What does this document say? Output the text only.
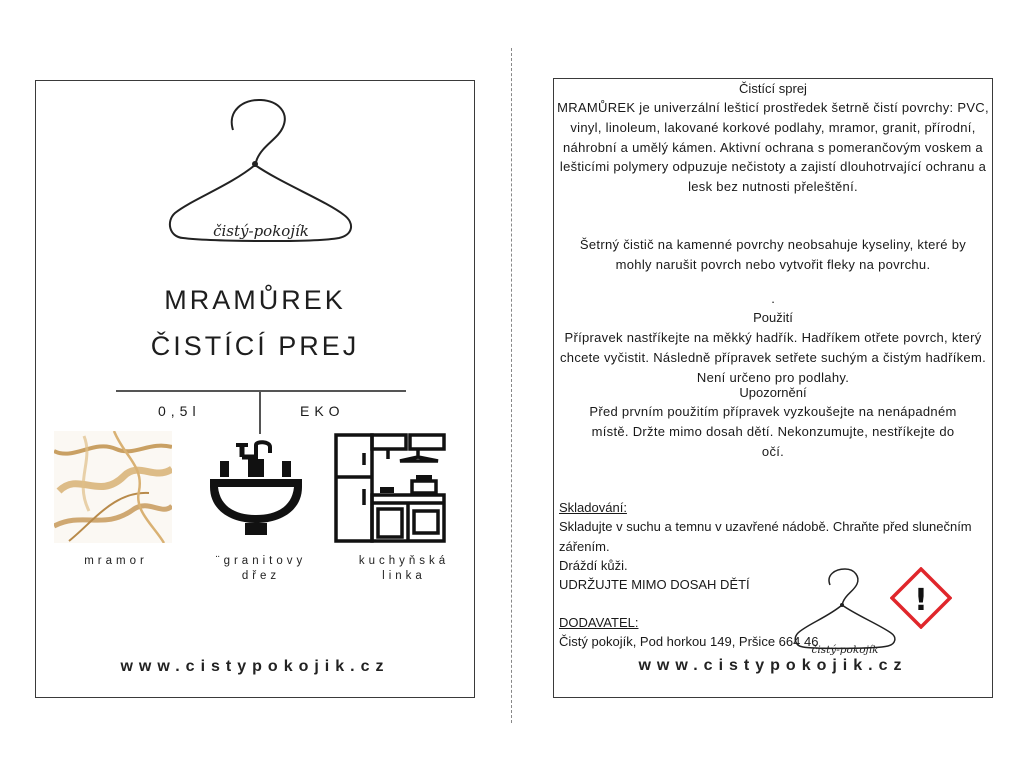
čistý-pokojík
MRAMŮREK
ČISTÍCÍ PREJ
0,5l	EKO
mramor	¨granitovy
dřez
kuchyňská
linka
www.cistypokojik.cz
Čistící sprej
MRAMŮREK je univerzální lešticí prostředek šetrně čistí povrchy: PVC, vinyl, linoleum, lakované korkové podlahy, mramor, granit, přírodní, náhrobní a umělý kámen. Aktivní ochrana s pomerančovým voskem a lešticími polymery odpuzuje nečistoty a zajistí dlouhotrvající ochranu a lesk bez nutnosti přeleštění.
Šetrný čistič na kamenné povrchy neobsahuje kyseliny, které by mohly narušit povrch nebo vytvořit fleky na povrchu.
.
Použití
Přípravek nastříkejte na měkký hadřík. Hadříkem otřete povrch, který chcete vyčistit. Následně přípravek setřete suchým a čistým hadříkem. Není určeno pro podlahy.
Upozornění
Před prvním použitím přípravek vyzkoušejte na nenápadném místě. Držte mimo dosah dětí. Nekonzumujte, nestříkejte do očí.
Skladování:
Skladujte v suchu a temnu v uzavřené nádobě. Chraňte před slunečním zářením.
Dráždí kůži.
UDRŽUJTE MIMO DOSAH DĚTÍ
čistý-pokojík
!
DODAVATEL:
Čistý pokojík, Pod horkou 149, Pršice 664 46
www.cistypokojik.cz
